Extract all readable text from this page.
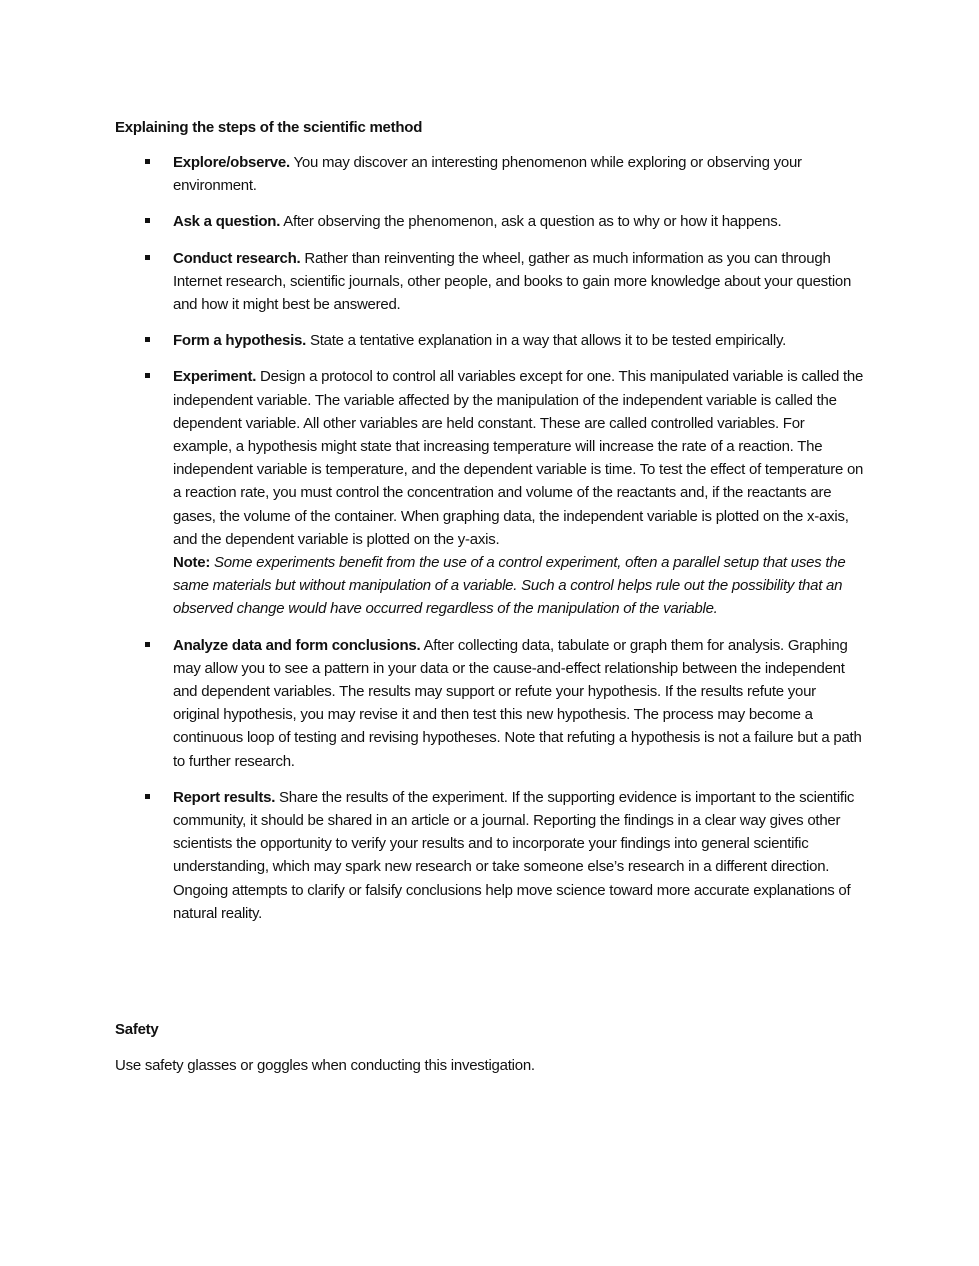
Explaining the steps of the scientific method
Explore/observe. You may discover an interesting phenomenon while exploring or observing your environment.
Ask a question. After observing the phenomenon, ask a question as to why or how it happens.
Conduct research. Rather than reinventing the wheel, gather as much information as you can through Internet research, scientific journals, other people, and books to gain more knowledge about your question and how it might best be answered.
Form a hypothesis. State a tentative explanation in a way that allows it to be tested empirically.
Experiment. Design a protocol to control all variables except for one. This manipulated variable is called the independent variable. The variable affected by the manipulation of the independent variable is called the dependent variable. All other variables are held constant. These are called controlled variables. For example, a hypothesis might state that increasing temperature will increase the rate of a reaction. The independent variable is temperature, and the dependent variable is time. To test the effect of temperature on a reaction rate, you must control the concentration and volume of the reactants and, if the reactants are gases, the volume of the container. When graphing data, the independent variable is plotted on the x-axis, and the dependent variable is plotted on the y-axis.
Note: Some experiments benefit from the use of a control experiment, often a parallel setup that uses the same materials but without manipulation of a variable. Such a control helps rule out the possibility that an observed change would have occurred regardless of the manipulation of the variable.
Analyze data and form conclusions. After collecting data, tabulate or graph them for analysis. Graphing may allow you to see a pattern in your data or the cause-and-effect relationship between the independent and dependent variables. The results may support or refute your hypothesis. If the results refute your original hypothesis, you may revise it and then test this new hypothesis. The process may become a continuous loop of testing and revising hypotheses. Note that refuting a hypothesis is not a failure but a path to further research.
Report results. Share the results of the experiment. If the supporting evidence is important to the scientific community, it should be shared in an article or a journal. Reporting the findings in a clear way gives other scientists the opportunity to verify your results and to incorporate your findings into general scientific understanding, which may spark new research or take someone else’s research in a different direction. Ongoing attempts to clarify or falsify conclusions help move science toward more accurate explanations of natural reality.
Safety
Use safety glasses or goggles when conducting this investigation.
